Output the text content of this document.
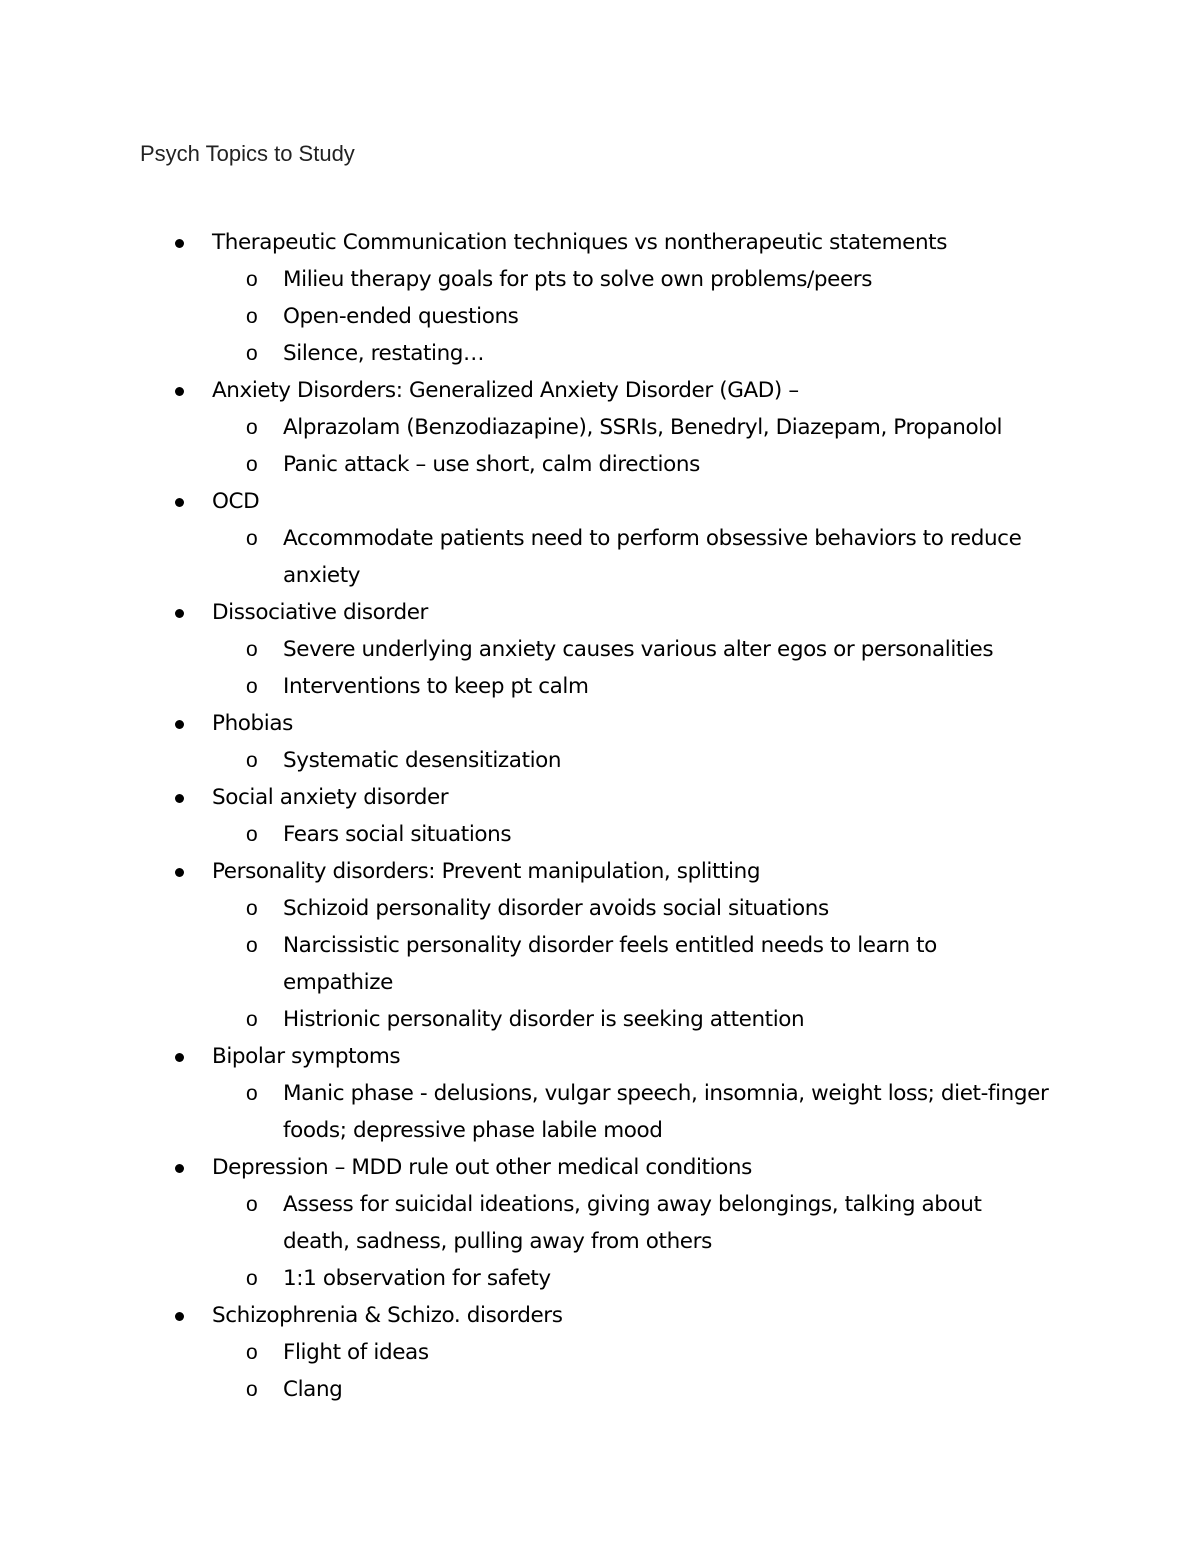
Psych Topics to Study
Therapeutic Communication techniques vs nontherapeutic statements
o Milieu therapy goals for pts to solve own problems/peers
o Open-ended questions
o Silence, restating…
Anxiety Disorders: Generalized Anxiety Disorder (GAD) –
o Alprazolam (Benzodiazapine), SSRIs, Benedryl, Diazepam, Propanolol
o Panic attack – use short, calm directions
OCD
o Accommodate patients need to perform obsessive behaviors to reduce anxiety
Dissociative disorder
o Severe underlying anxiety causes various alter egos or personalities
o Interventions to keep pt calm
Phobias
o Systematic desensitization
Social anxiety disorder
o Fears social situations
Personality disorders: Prevent manipulation, splitting
o Schizoid personality disorder avoids social situations
o Narcissistic personality disorder feels entitled needs to learn to empathize
o Histrionic personality disorder is seeking attention
Bipolar symptoms
o Manic phase - delusions, vulgar speech, insomnia, weight loss; diet-finger foods; depressive phase labile mood
Depression – MDD rule out other medical conditions
o Assess for suicidal ideations, giving away belongings, talking about death, sadness, pulling away from others
o 1:1 observation for safety
Schizophrenia & Schizo. disorders
o Flight of ideas
o Clang
